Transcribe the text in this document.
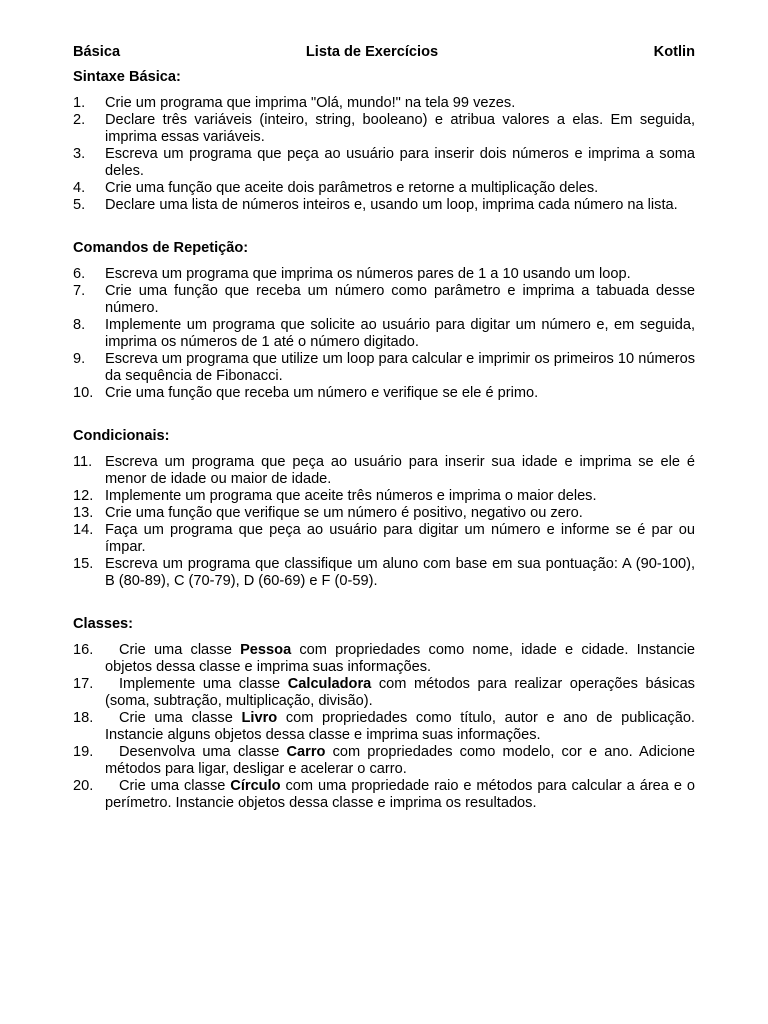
Básica	Lista de Exercícios	Kotlin
Sintaxe Básica:
1.	Crie um programa que imprima "Olá, mundo!" na tela 99 vezes.
2.	Declare três variáveis (inteiro, string, booleano) e atribua valores a elas. Em seguida, imprima essas variáveis.
3.	Escreva um programa que peça ao usuário para inserir dois números e imprima a soma deles.
4.	Crie uma função que aceite dois parâmetros e retorne a multiplicação deles.
5.	Declare uma lista de números inteiros e, usando um loop, imprima cada número na lista.
Comandos de Repetição:
6.	Escreva um programa que imprima os números pares de 1 a 10 usando um loop.
7.	Crie uma função que receba um número como parâmetro e imprima a tabuada desse número.
8.	Implemente um programa que solicite ao usuário para digitar um número e, em seguida, imprima os números de 1 até o número digitado.
9.	Escreva um programa que utilize um loop para calcular e imprimir os primeiros 10 números da sequência de Fibonacci.
10. Crie uma função que receba um número e verifique se ele é primo.
Condicionais:
11. Escreva um programa que peça ao usuário para inserir sua idade e imprima se ele é menor de idade ou maior de idade.
12. Implemente um programa que aceite três números e imprima o maior deles.
13. Crie uma função que verifique se um número é positivo, negativo ou zero.
14. Faça um programa que peça ao usuário para digitar um número e informe se é par ou ímpar.
15. Escreva um programa que classifique um aluno com base em sua pontuação: A (90-100), B (80-89), C (70-79), D (60-69) e F (0-59).
Classes:
16.	Crie uma classe Pessoa com propriedades como nome, idade e cidade. Instancie objetos dessa classe e imprima suas informações.
17.	Implemente uma classe Calculadora com métodos para realizar operações básicas (soma, subtração, multiplicação, divisão).
18.	Crie uma classe Livro com propriedades como título, autor e ano de publicação. Instancie alguns objetos dessa classe e imprima suas informações.
19.	Desenvolva uma classe Carro com propriedades como modelo, cor e ano. Adicione métodos para ligar, desligar e acelerar o carro.
20.	Crie uma classe Círculo com uma propriedade raio e métodos para calcular a área e o perímetro. Instancie objetos dessa classe e imprima os resultados.
